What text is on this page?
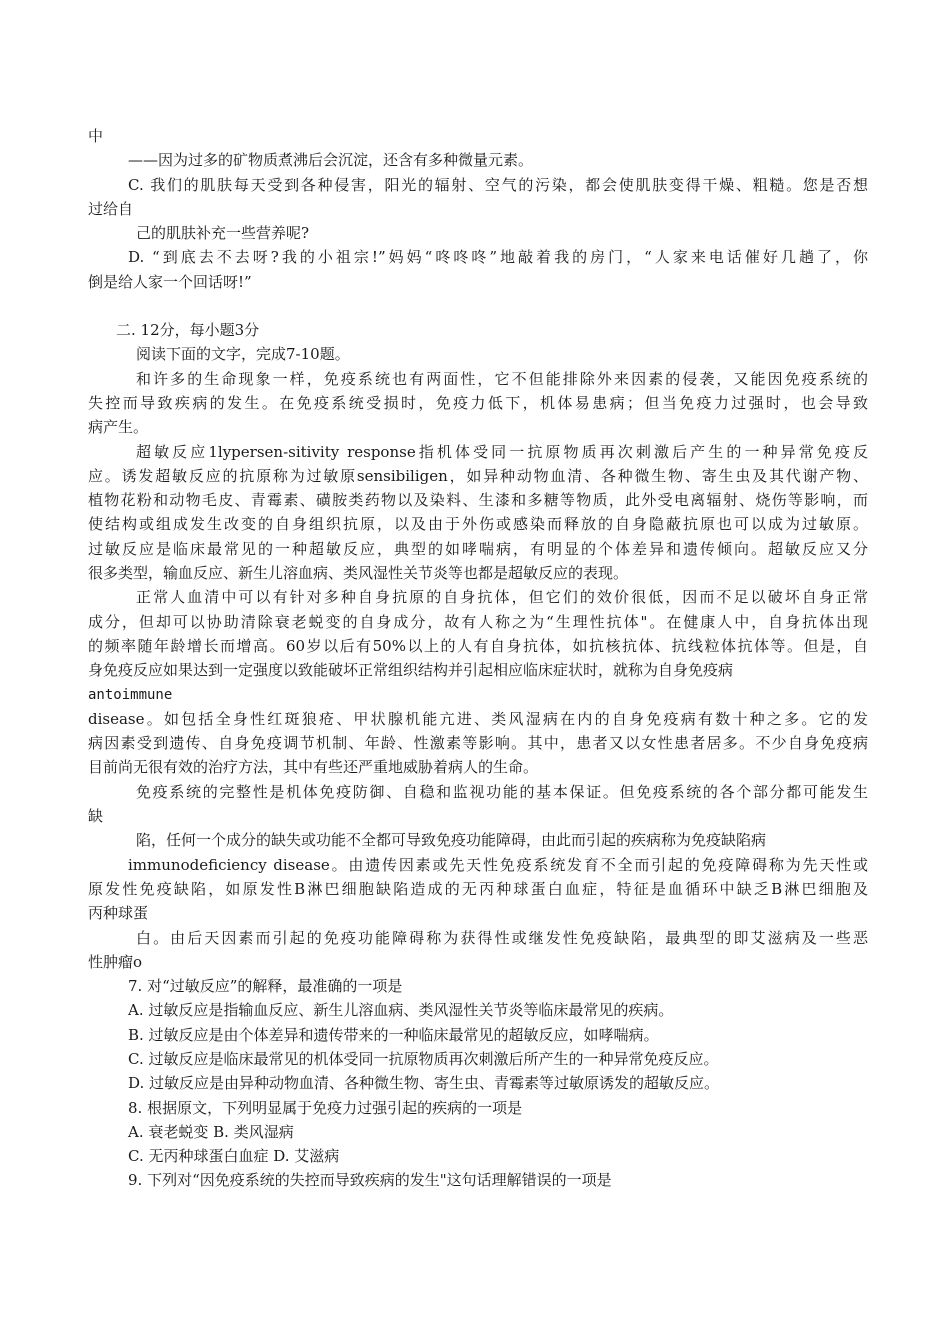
中
——因为过多的矿物质煮沸后会沉淀，还含有多种微量元素。
C. 我们的肌肤每天受到各种侵害，阳光的辐射、空气的污染，都会使肌肤变得干燥、粗糙。您是否想
过给自
己的肌肤补充一些营养呢?
D. “到底去不去呀?我的小祖宗!”妈妈“咚咚咚”地敲着我的房门，“人家来电话催好几趟了，你
倒是给人家一个回话呀!”
二. 12分，每小题3分
阅读下面的文字，完成7-10题。
和许多的生命现象一样，免疫系统也有两面性，它不但能排除外来因素的侵袭，又能因免疫系统的
失控而导致疾病的发生。在免疫系统受损时，免疫力低下，机体易患病；但当免疫力过强时，也会导致
病产生。
超敏反应1lypersen-sitivity response指机体受同一抗原物质再次刺激后产生的一种异常免疫反
应。诱发超敏反应的抗原称为过敏原sensibiligen，如异种动物血清、各种微生物、寄生虫及其代谢产物、
植物花粉和动物毛皮、青霉素、磺胺类药物以及染料、生漆和多糖等物质，此外受电离辐射、烧伤等影响，而
使结构或组成发生改变的自身组织抗原，以及由于外伤或感染而释放的自身隐蔽抗原也可以成为过敏原。
过敏反应是临床最常见的一种超敏反应，典型的如哮喘病，有明显的个体差异和遗传倾向。超敏反应又分
很多类型，输血反应、新生儿溶血病、类风湿性关节炎等也都是超敏反应的表现。
正常人血清中可以有针对多种自身抗原的自身抗体，但它们的效价很低，因而不足以破坏自身正常
成分，但却可以协助清除衰老蜕变的自身成分，故有人称之为“生理性抗体"。在健康人中，自身抗体出现
的频率随年龄增长而增高。60岁以后有50%以上的人有自身抗体，如抗核抗体、抗线粒体抗体等。但是，自
身免疫反应如果达到一定强度以致能破坏正常组织结构并引起相应临床症状时，就称为自身免疫病
antoimmune
disease。如包括全身性红斑狼疮、甲状腺机能亢进、类风湿病在内的自身免疫病有数十种之多。它的发
病因素受到遗传、自身免疫调节机制、年龄、性激素等影响。其中，患者又以女性患者居多。不少自身免疫病
目前尚无很有效的治疗方法，其中有些还严重地威胁着病人的生命。
免疫系统的完整性是机体免疫防御、自稳和监视功能的基本保证。但免疫系统的各个部分都可能发生
缺
陷，任何一个成分的缺失或功能不全都可导致免疫功能障碍，由此而引起的疾病称为免疫缺陷病
immunodeficiency disease。由遗传因素或先天性免疫系统发育不全而引起的免疫障碍称为先天性或
原发性免疫缺陷，如原发性B淋巴细胞缺陷造成的无丙种球蛋白血症，特征是血循环中缺乏B淋巴细胞及
丙种球蛋
白。由后天因素而引起的免疫功能障碍称为获得性或继发性免疫缺陷，最典型的即艾滋病及一些恶
性肿瘤o
7. 对“过敏反应”的解释，最准确的一项是
A. 过敏反应是指输血反应、新生儿溶血病、类风湿性关节炎等临床最常见的疾病。
B. 过敏反应是由个体差异和遗传带来的一种临床最常见的超敏反应，如哮喘病。
C. 过敏反应是临床最常见的机体受同一抗原物质再次刺激后所产生的一种异常免疫反应。
D. 过敏反应是由异种动物血清、各种微生物、寄生虫、青霉素等过敏原诱发的超敏反应。
8. 根据原文，下列明显属于免疫力过强引起的疾病的一项是
A. 衰老蜕变 B. 类风湿病
C. 无丙种球蛋白血症 D. 艾滋病
9. 下列对“因免疫系统的失控而导致疾病的发生"这句话理解错误的一项是
